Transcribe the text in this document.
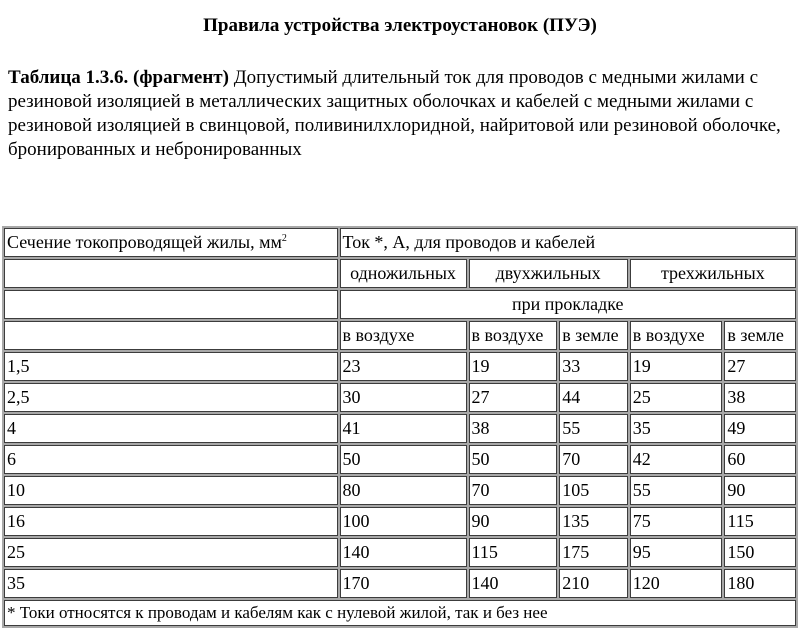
Правила устройства электроустановок (ПУЭ)
Таблица 1.3.6. (фрагмент) Допустимый длительный ток для проводов с медными жилами с резиновой изоляцией в металлических защитных оболочках и кабелей с медными жилами с резиновой изоляцией в свинцовой, поливинилхлоридной, найритовой или резиновой оболочке, бронированных и небронированных
Сечение токопроводящей жилы, $мм^2$	Ток *, А, для проводов и кабелей				
	одножильных	двухжильных		трехжильных	
	при прокладке				
	в воздухе	в воздухе	в земле	в воздухе	в земле
1,5	23	19	33	19	27
2,5	30	27	44	25	38
4	41	38	55	35	49
6	50	50	70	42	60
10	80	70	105	55	90
16	100	90	135	75	115
25	140	115	175	95	150
35	170	140	210	120	180
* Токи относятся к проводам и кабелям как с нулевой жилой, так и без нее					
